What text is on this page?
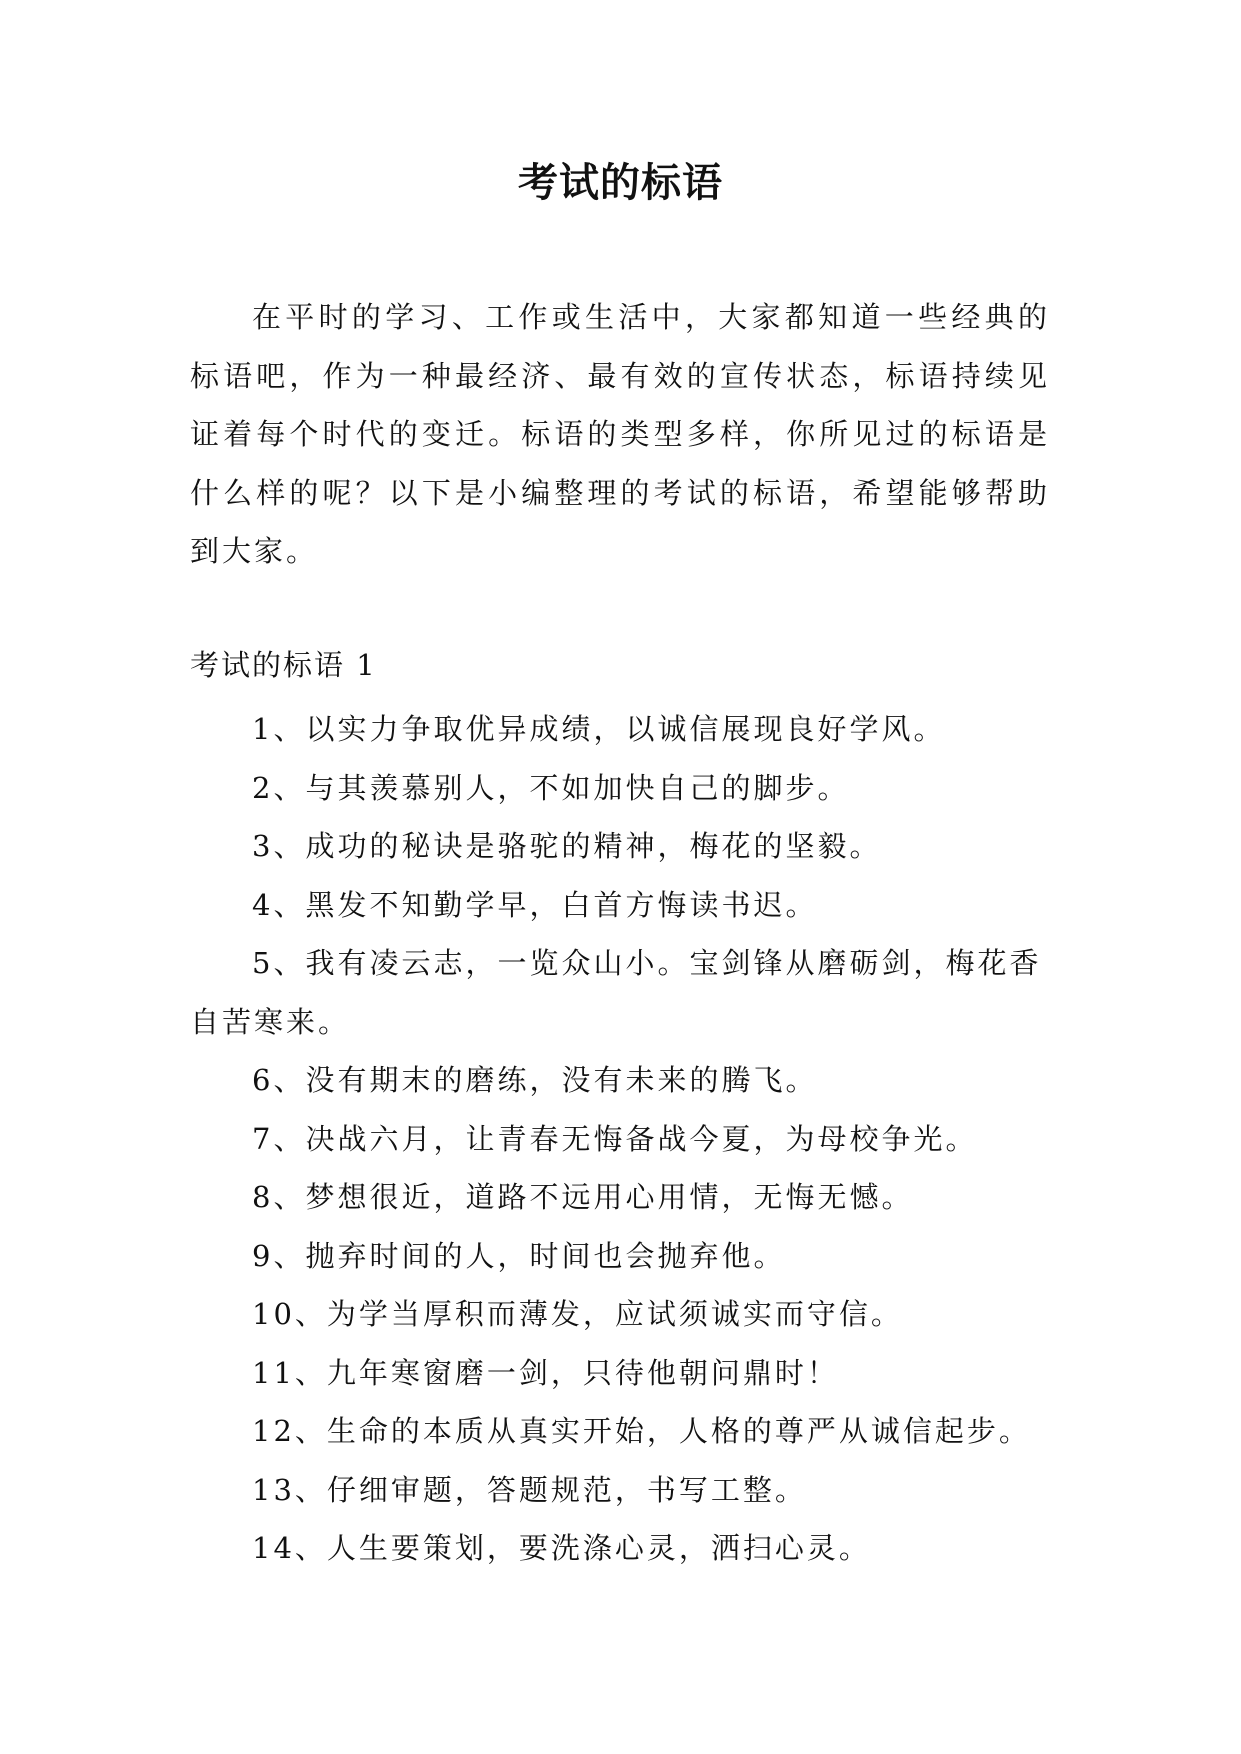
考试的标语

在平时的学习、工作或生活中，大家都知道一些经典的标语吧，作为一种最经济、最有效的宣传状态，标语持续见证着每个时代的变迁。标语的类型多样，你所见过的标语是什么样的呢？以下是小编整理的考试的标语，希望能够帮助到大家。

考试的标语 1
1、以实力争取优异成绩，以诚信展现良好学风。
2、与其羡慕别人，不如加快自己的脚步。
3、成功的秘诀是骆驼的精神，梅花的坚毅。
4、黑发不知勤学早，白首方悔读书迟。
5、我有凌云志，一览众山小。宝剑锋从磨砺剑，梅花香自苦寒来。
6、没有期末的磨练，没有未来的腾飞。
7、决战六月，让青春无悔备战今夏，为母校争光。
8、梦想很近，道路不远用心用情，无悔无憾。
9、抛弃时间的人，时间也会抛弃他。
10、为学当厚积而薄发，应试须诚实而守信。
11、九年寒窗磨一剑，只待他朝问鼎时！
12、生命的本质从真实开始，人格的尊严从诚信起步。
13、仔细审题，答题规范，书写工整。
14、人生要策划，要洗涤心灵，洒扫心灵。
